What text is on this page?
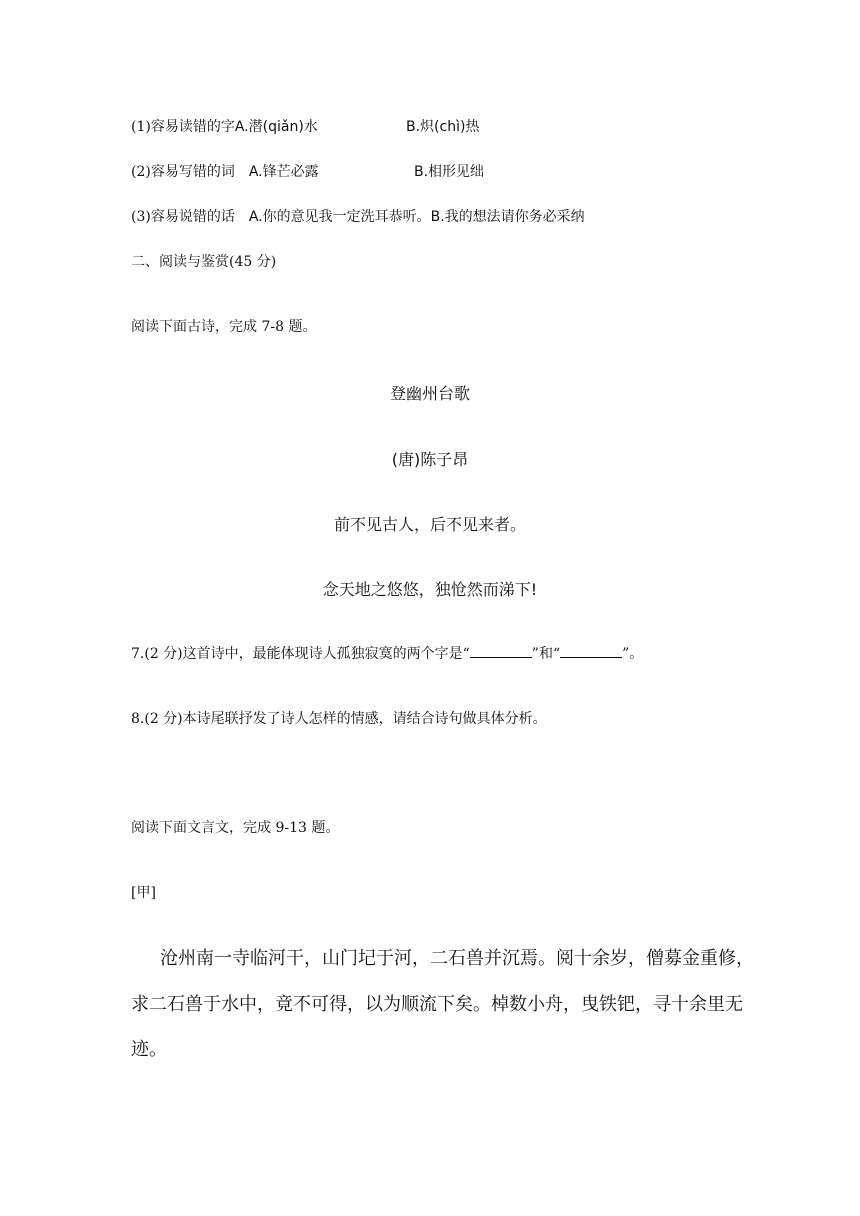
(1)容易读错的字A.潜(qiǎn)水	B.炽(chì)热
(2)容易写错的词 A.锋芒必露	B.相形见绌
(3)容易说错的话 A.你的意见我一定洗耳恭听。B.我的想法请你务必采纳
二、阅读与鉴赏(45 分)
阅读下面古诗，完成 7-8 题。
登幽州台歌
(唐)陈子昂
前不见古人，后不见来者。
念天地之悠悠，独怆然而涕下!
7.(2 分)这首诗中，最能体现诗人孤独寂寞的两个字是“	”和“	”。
8.(2 分)本诗尾联抒发了诗人怎样的情感，请结合诗句做具体分析。
阅读下面文言文，完成 9-13 题。
[甲]
沧州南一寺临河干，山门圮于河，二石兽并沉焉。阅十余岁，僧募金重修，
求二石兽于水中，竟不可得，以为顺流下矣。棹数小舟，曳铁钯，寻十余里无
迹。
